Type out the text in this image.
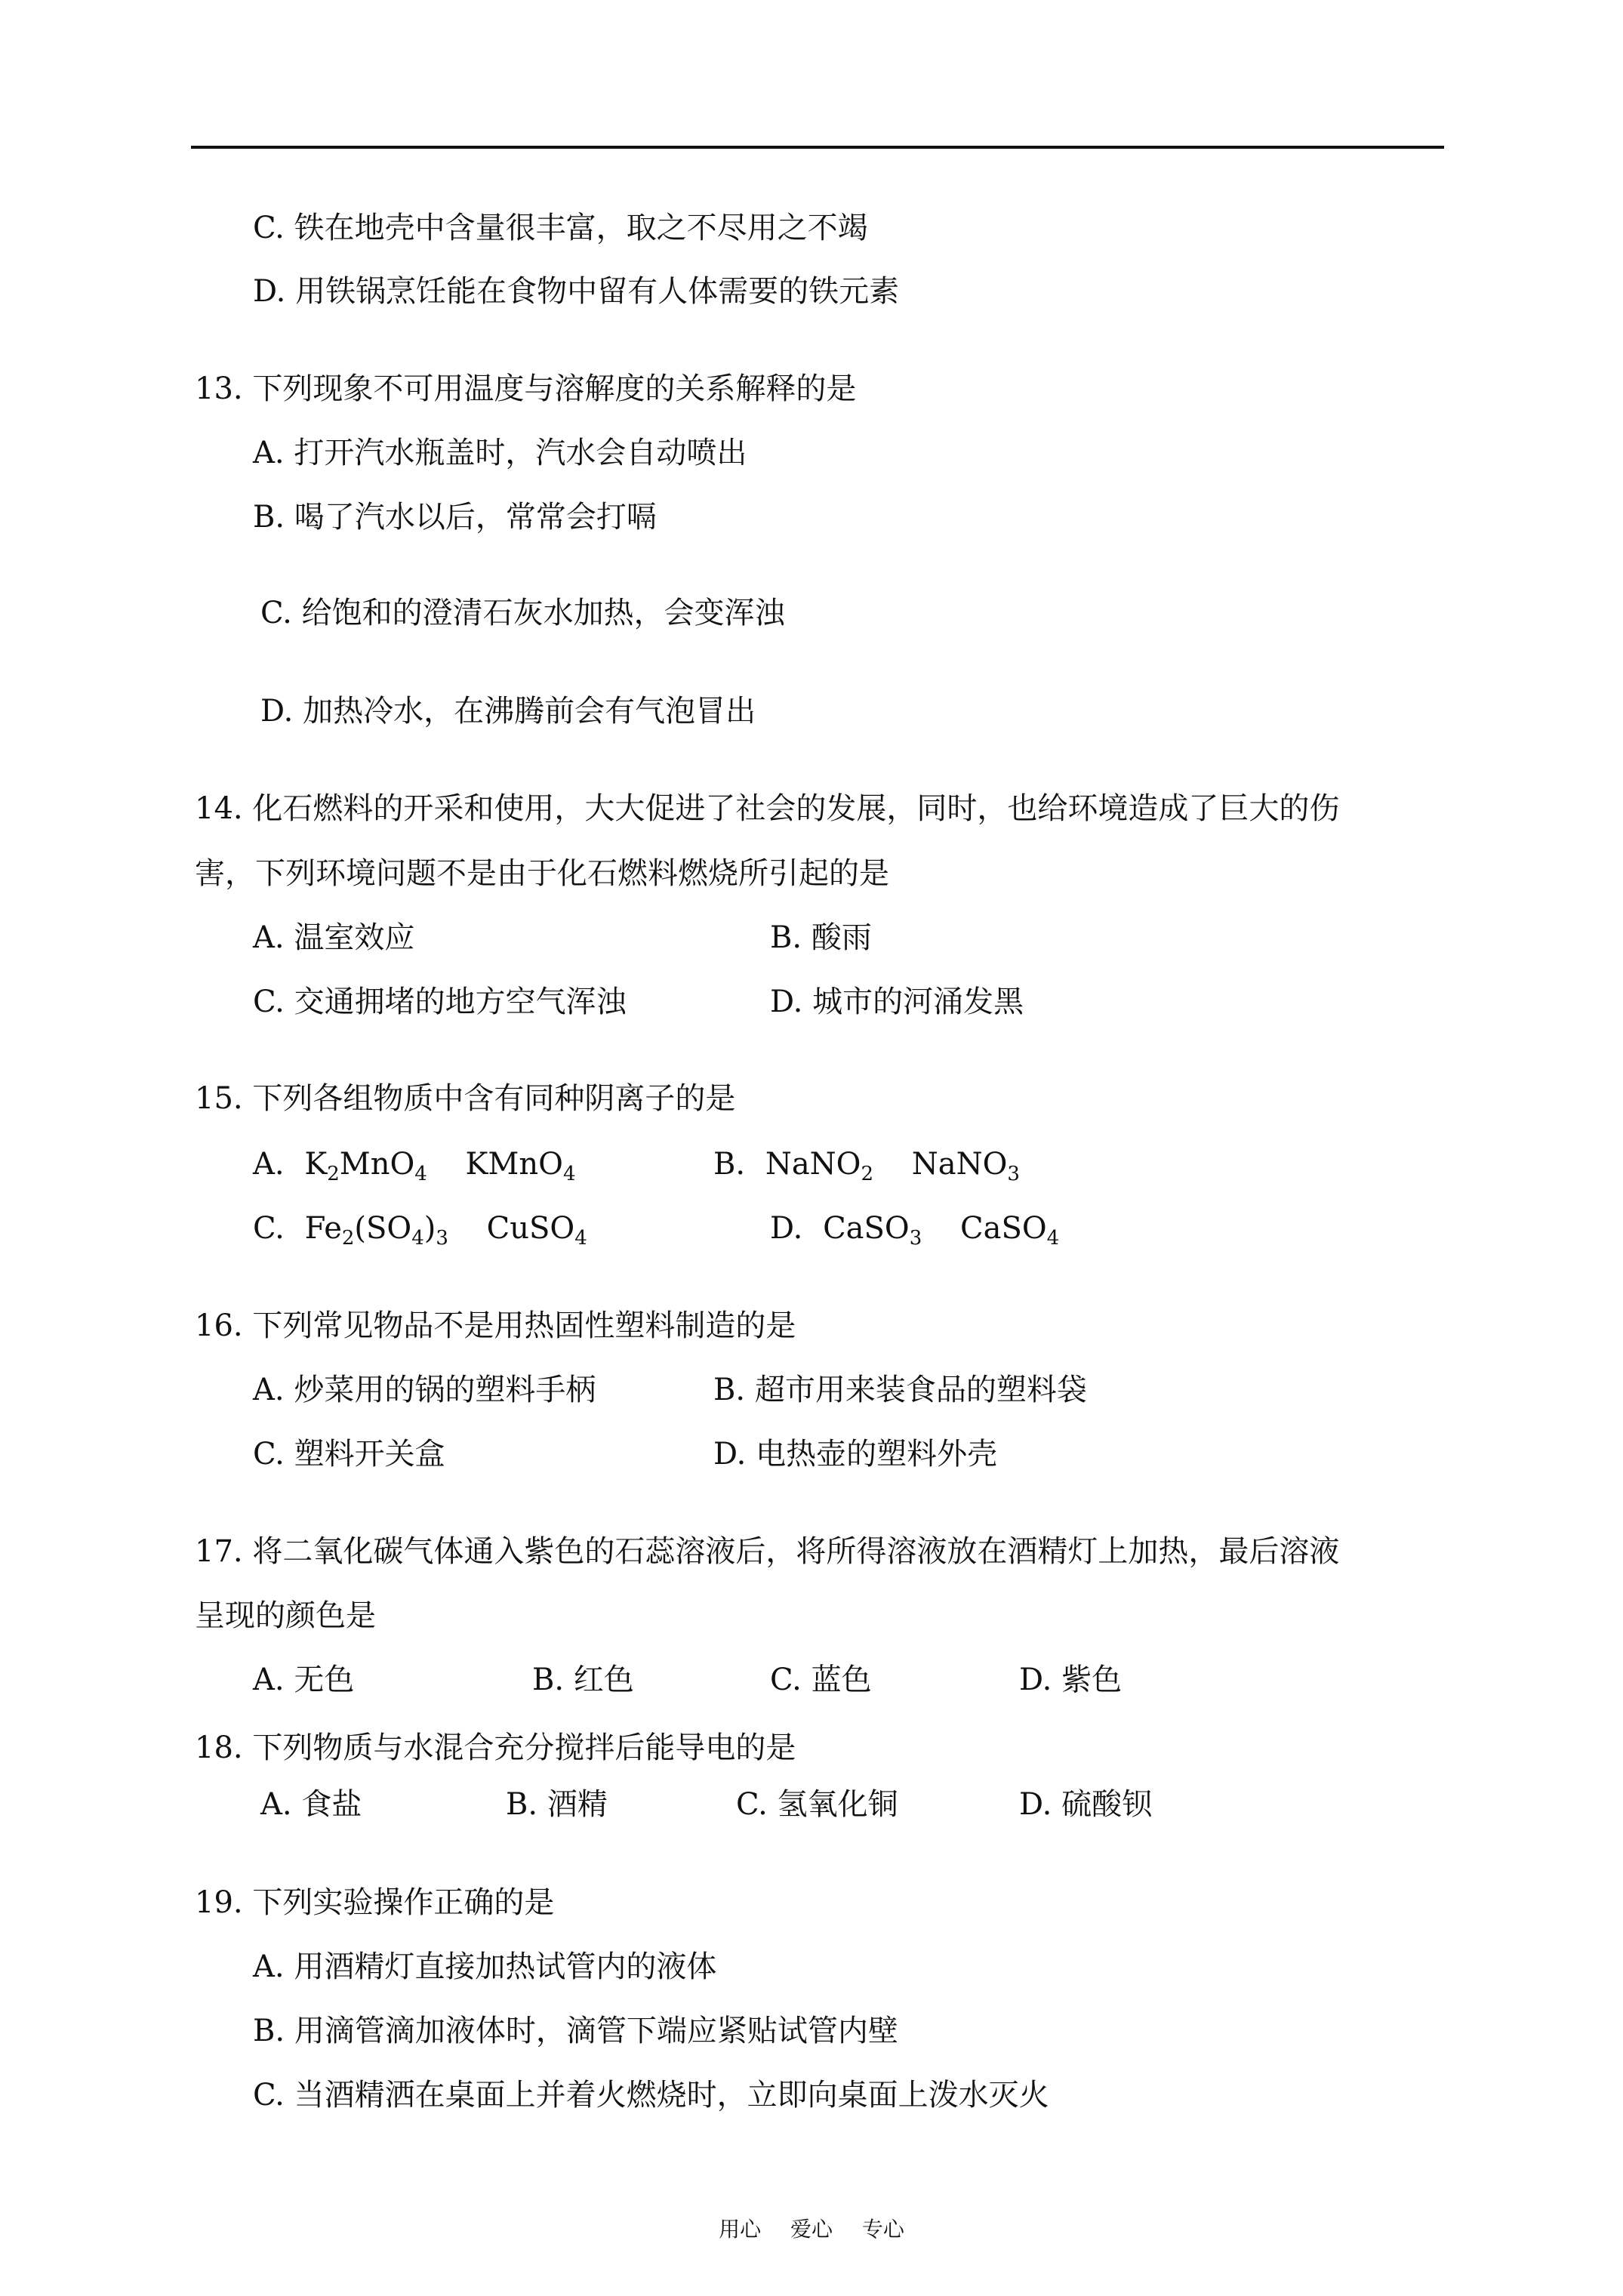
C. 铁在地壳中含量很丰富，取之不尽用之不竭
D. 用铁锅烹饪能在食物中留有人体需要的铁元素
13. 下列现象不可用温度与溶解度的关系解释的是
A. 打开汽水瓶盖时，汽水会自动喷出
B. 喝了汽水以后，常常会打嗝
C. 给饱和的澄清石灰水加热，会变浑浊
D. 加热冷水，在沸腾前会有气泡冒出
14. 化石燃料的开采和使用，大大促进了社会的发展，同时，也给环境造成了巨大的伤
害，下列环境问题不是由于化石燃料燃烧所引起的是
A. 温室效应	B. 酸雨
C. 交通拥堵的地方空气浑浊	D. 城市的河涌发黑
15. 下列各组物质中含有同种阴离子的是
A. $K_2MnO_4$ KMnO$_4$	B. NaNO$_2$ NaNO$_3$
C. $Fe_2(SO_4)_3$ CuSO$_4$	D. CaSO$_3$ CaSO$_4$
16. 下列常见物品不是用热固性塑料制造的是
A. 炒菜用的锅的塑料手柄	B. 超市用来装食品的塑料袋
C. 塑料开关盒	D. 电热壶的塑料外壳
17. 将二氧化碳气体通入紫色的石蕊溶液后，将所得溶液放在酒精灯上加热，最后溶液
呈现的颜色是
A. 无色	B. 红色	C. 蓝色	D. 紫色
18. 下列物质与水混合充分搅拌后能导电的是
A. 食盐	B. 酒精	C. 氢氧化铜	D. 硫酸钡
19. 下列实验操作正确的是
A. 用酒精灯直接加热试管内的液体
B. 用滴管滴加液体时，滴管下端应紧贴试管内壁
C. 当酒精洒在桌面上并着火燃烧时，立即向桌面上泼水灭火
用心 爱心 专心
